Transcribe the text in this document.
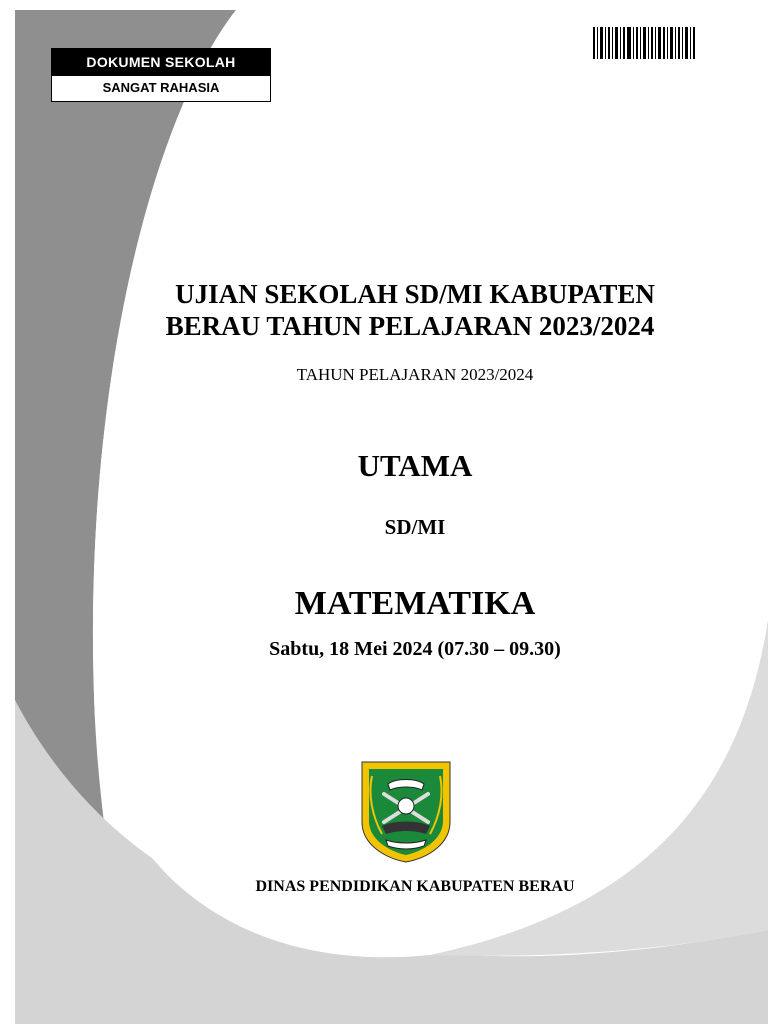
DOKUMEN SEKOLAH
SANGAT RAHASIA
UJIAN SEKOLAH SD/MI KABUPATEN
BERAU TAHUN PELAJARAN 2023/2024
TAHUN PELAJARAN 2023/2024
UTAMA
SD/MI
MATEMATIKA
Sabtu, 18 Mei 2024 (07.30 – 09.30)
DINAS PENDIDIKAN KABUPATEN BERAU
